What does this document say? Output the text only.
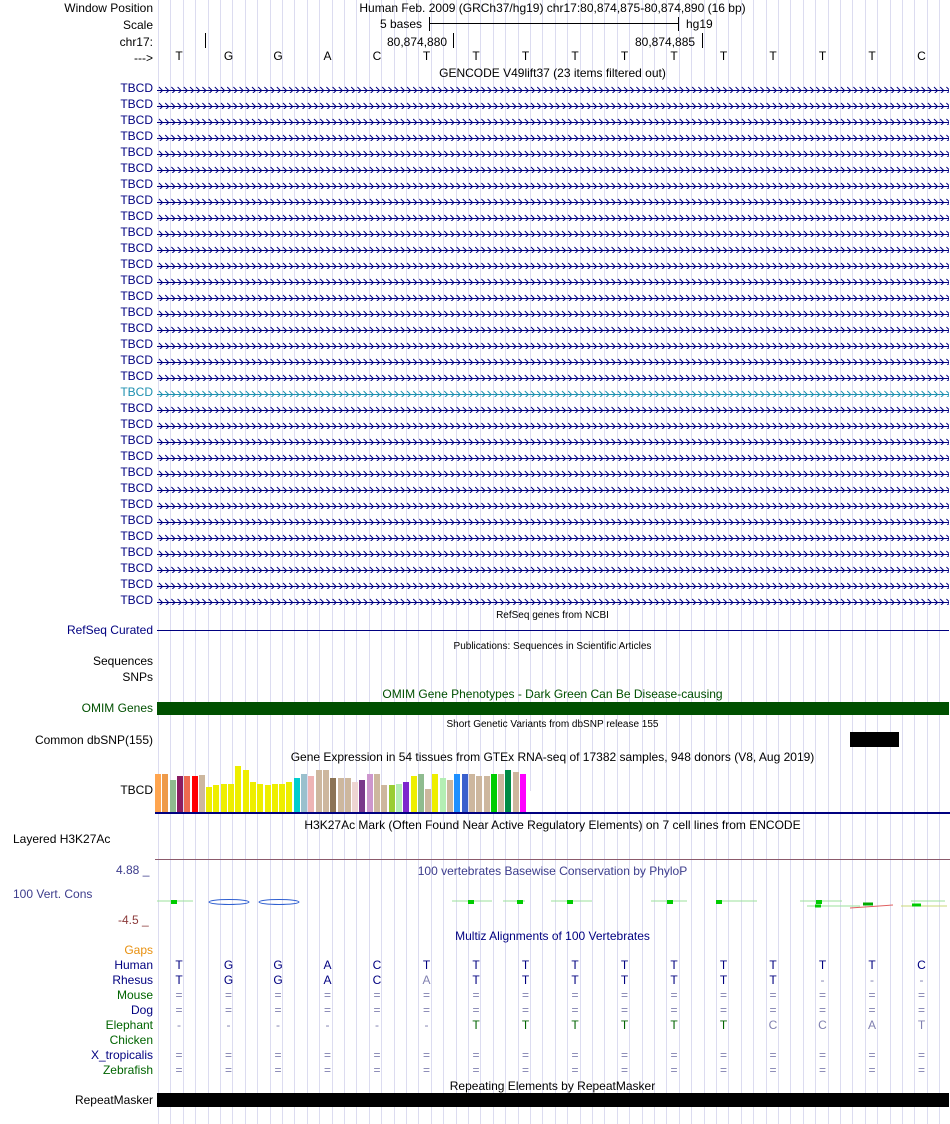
Window Position	Human Feb. 2009 (GRCh37/hg19) chr17:80,874,875-80,874,890 (16 bp)
Scale	5 bases	hg19
chr17:	80,874,880	80,874,885
--->	T	G	G	A	C	T	T	T	T	T	T	T	T	T	T	C
GENCODE V49lift37 (23 items filtered out)
TBCD
TBCD
TBCD
TBCD
TBCD
TBCD
TBCD
TBCD
TBCD
TBCD
TBCD
TBCD
TBCD
TBCD
TBCD
TBCD
TBCD
TBCD
TBCD
TBCD
TBCD
TBCD
TBCD
TBCD
TBCD
TBCD
TBCD
TBCD
TBCD
TBCD
TBCD
TBCD
TBCD
RefSeq genes from NCBI
RefSeq Curated
Publications: Sequences in Scientific Articles
Sequences
SNPs
OMIM Gene Phenotypes - Dark Green Can Be Disease-causing
OMIM Genes
Short Genetic Variants from dbSNP release 155
Common dbSNP(155)
Gene Expression in 54 tissues from GTEx RNA-seq of 17382 samples, 948 donors (V8, Aug 2019)
TBCD
H3K27Ac Mark (Often Found Near Active Regulatory Elements) on 7 cell lines from ENCODE
Layered H3K27Ac
100 vertebrates Basewise Conservation by PhyloP
4.88 _
100 Vert. Cons
-4.5 _
Multiz Alignments of 100 Vertebrates
Gaps
Human	T	G	G	A	C	T	T	T	T	T	T	T	T	T	T	C
Rhesus	T	G	G	A	C	A	T	T	T	T	T	T	T	-	-	-
Mouse	=	=	=	=	=	=	=	=	=	=	=	=	=	=	=	=
Dog	=	=	=	=	=	=	=	=	=	=	=	=	=	=	=	=
Elephant	-	-	-	-	-	-	T	T	T	T	T	T	C	C	A	T
Chicken
X_tropicalis	=	=	=	=	=	=	=	=	=	=	=	=	=	=	=	=
Zebrafish	=	=	=	=	=	=	=	=	=	=	=	=	=	=	=	=
Repeating Elements by RepeatMasker
RepeatMasker
